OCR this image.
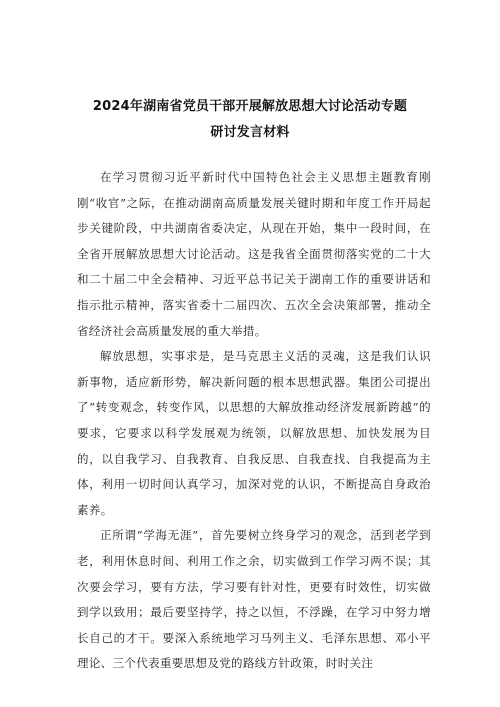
2024年湖南省党员干部开展解放思想大讨论活动专题
研讨发言材料

在学习贯彻习近平新时代中国特色社会主义思想主题教育刚刚“收官”之际，在推动湖南高质量发展关键时期和年度工作开局起步关键阶段，中共湖南省委决定，从现在开始，集中一段时间，在全省开展解放思想大讨论活动。这是我省全面贯彻落实党的二十大和二十届二中全会精神、习近平总书记关于湖南工作的重要讲话和指示批示精神，落实省委十二届四次、五次全会决策部署，推动全省经济社会高质量发展的重大举措。

解放思想，实事求是，是马克思主义活的灵魂，这是我们认识新事物，适应新形势，解决新问题的根本思想武器。集团公司提出了“转变观念，转变作风，以思想的大解放推动经济发展新跨越”的要求，它要求以科学发展观为统领，以解放思想、加快发展为目的，以自我学习、自我教育、自我反思、自我查找、自我提高为主体，利用一切时间认真学习，加深对党的认识，不断提高自身政治素养。

正所谓“学海无涯”，首先要树立终身学习的观念，活到老学到老，利用休息时间、利用工作之余，切实做到工作学习两不误；其次要会学习，要有方法，学习要有针对性，更要有时效性，切实做到学以致用；最后要坚持学，持之以恒，不浮躁，在学习中努力增长自己的才干。要深入系统地学习马列主义、毛泽东思想、邓小平理论、三个代表重要思想及党的路线方针政策，时时关注
